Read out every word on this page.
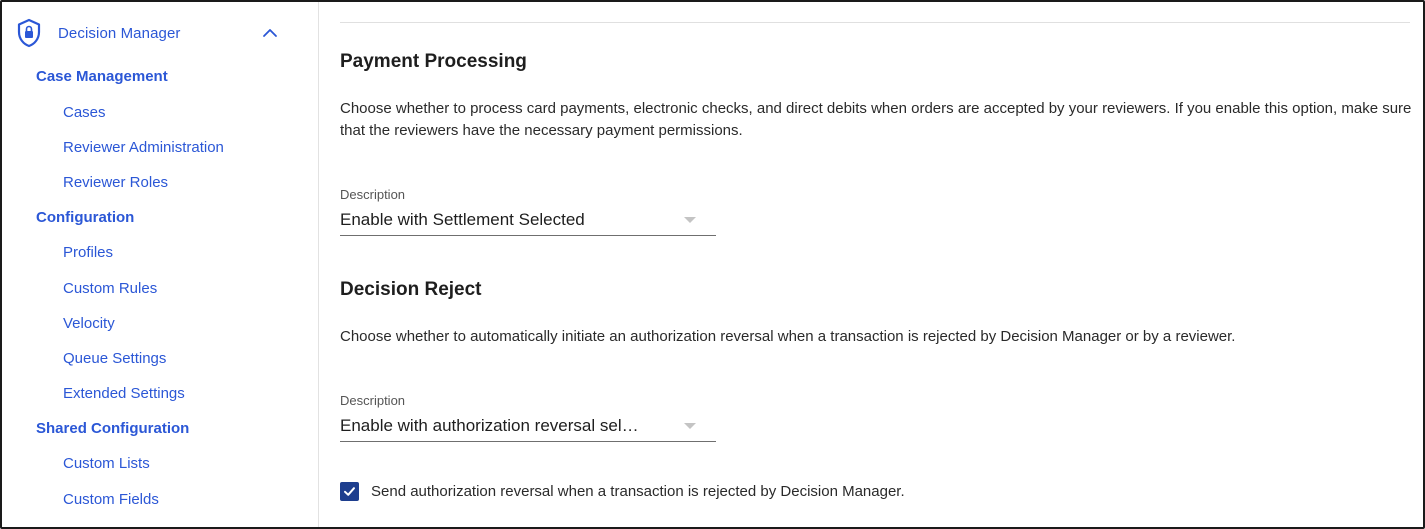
Decision Manager
Case Management
Cases
Reviewer Administration
Reviewer Roles
Configuration
Profiles
Custom Rules
Velocity
Queue Settings
Extended Settings
Shared Configuration
Custom Lists
Custom Fields
Payment Processing

Choose whether to process card payments, electronic checks, and direct debits when orders are accepted by your reviewers. If you enable this option, make sure that the reviewers have the necessary payment permissions.

Description
Enable with Settlement Selected
Decision Reject

Choose whether to automatically initiate an authorization reversal when a transaction is rejected by Decision Manager or by a reviewer.

Description
Enable with authorization reversal sel…
Send authorization reversal when a transaction is rejected by Decision Manager.
